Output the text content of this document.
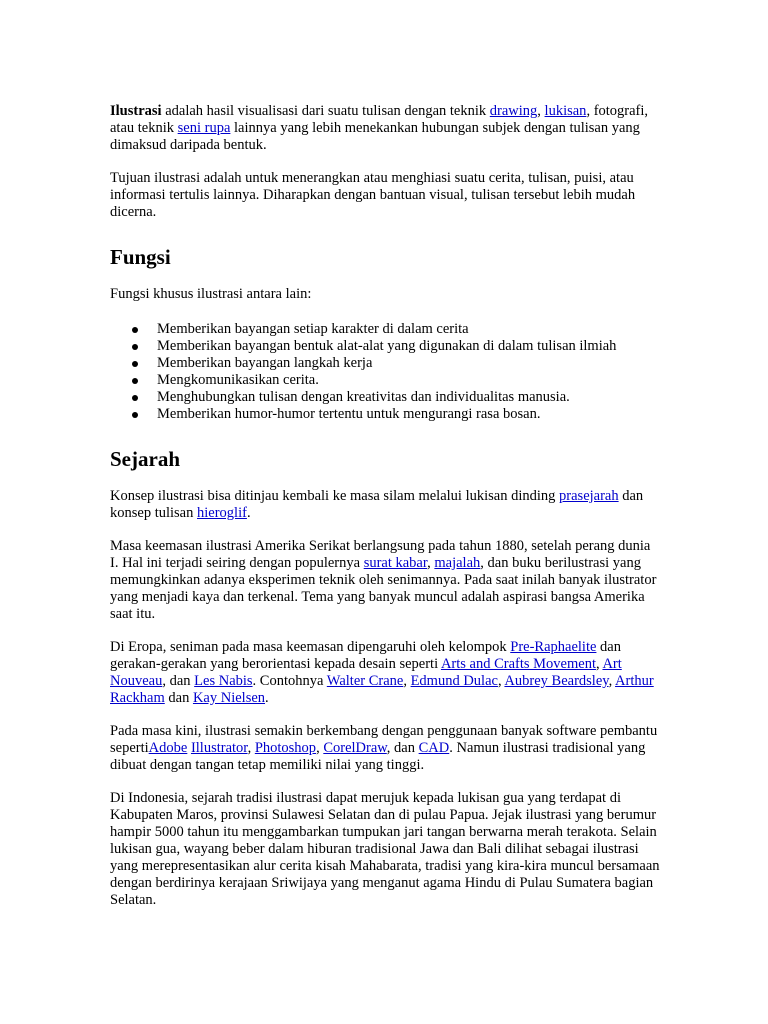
Ilustrasi adalah hasil visualisasi dari suatu tulisan dengan teknik drawing, lukisan, fotografi, atau teknik seni rupa lainnya yang lebih menekankan hubungan subjek dengan tulisan yang dimaksud daripada bentuk.

Tujuan ilustrasi adalah untuk menerangkan atau menghiasi suatu cerita, tulisan, puisi, atau informasi tertulis lainnya. Diharapkan dengan bantuan visual, tulisan tersebut lebih mudah dicerna.

Fungsi

Fungsi khusus ilustrasi antara lain:

Memberikan bayangan setiap karakter di dalam cerita
Memberikan bayangan bentuk alat-alat yang digunakan di dalam tulisan ilmiah
Memberikan bayangan langkah kerja
Mengkomunikasikan cerita.
Menghubungkan tulisan dengan kreativitas dan individualitas manusia.
Memberikan humor-humor tertentu untuk mengurangi rasa bosan.
Sejarah

Konsep ilustrasi bisa ditinjau kembali ke masa silam melalui lukisan dinding prasejarah dan konsep tulisan hieroglif.

Masa keemasan ilustrasi Amerika Serikat berlangsung pada tahun 1880, setelah perang dunia I. Hal ini terjadi seiring dengan populernya surat kabar, majalah, dan buku berilustrasi yang memungkinkan adanya eksperimen teknik oleh senimannya. Pada saat inilah banyak ilustrator yang menjadi kaya dan terkenal. Tema yang banyak muncul adalah aspirasi bangsa Amerika saat itu.

Di Eropa, seniman pada masa keemasan dipengaruhi oleh kelompok Pre-Raphaelite dan gerakan-gerakan yang berorientasi kepada desain seperti Arts and Crafts Movement, Art Nouveau, dan Les Nabis. Contohnya Walter Crane, Edmund Dulac, Aubrey Beardsley, Arthur Rackham dan Kay Nielsen.

Pada masa kini, ilustrasi semakin berkembang dengan penggunaan banyak software pembantu sepertiAdobe Illustrator, Photoshop, CorelDraw, dan CAD. Namun ilustrasi tradisional yang dibuat dengan tangan tetap memiliki nilai yang tinggi.

Di Indonesia, sejarah tradisi ilustrasi dapat merujuk kepada lukisan gua yang terdapat di Kabupaten Maros, provinsi Sulawesi Selatan dan di pulau Papua. Jejak ilustrasi yang berumur hampir 5000 tahun itu menggambarkan tumpukan jari tangan berwarna merah terakota. Selain lukisan gua, wayang beber dalam hiburan tradisional Jawa dan Bali dilihat sebagai ilustrasi yang merepresentasikan alur cerita kisah Mahabarata, tradisi yang kira-kira muncul bersamaan dengan berdirinya kerajaan Sriwijaya yang menganut agama Hindu di Pulau Sumatera bagian Selatan.
